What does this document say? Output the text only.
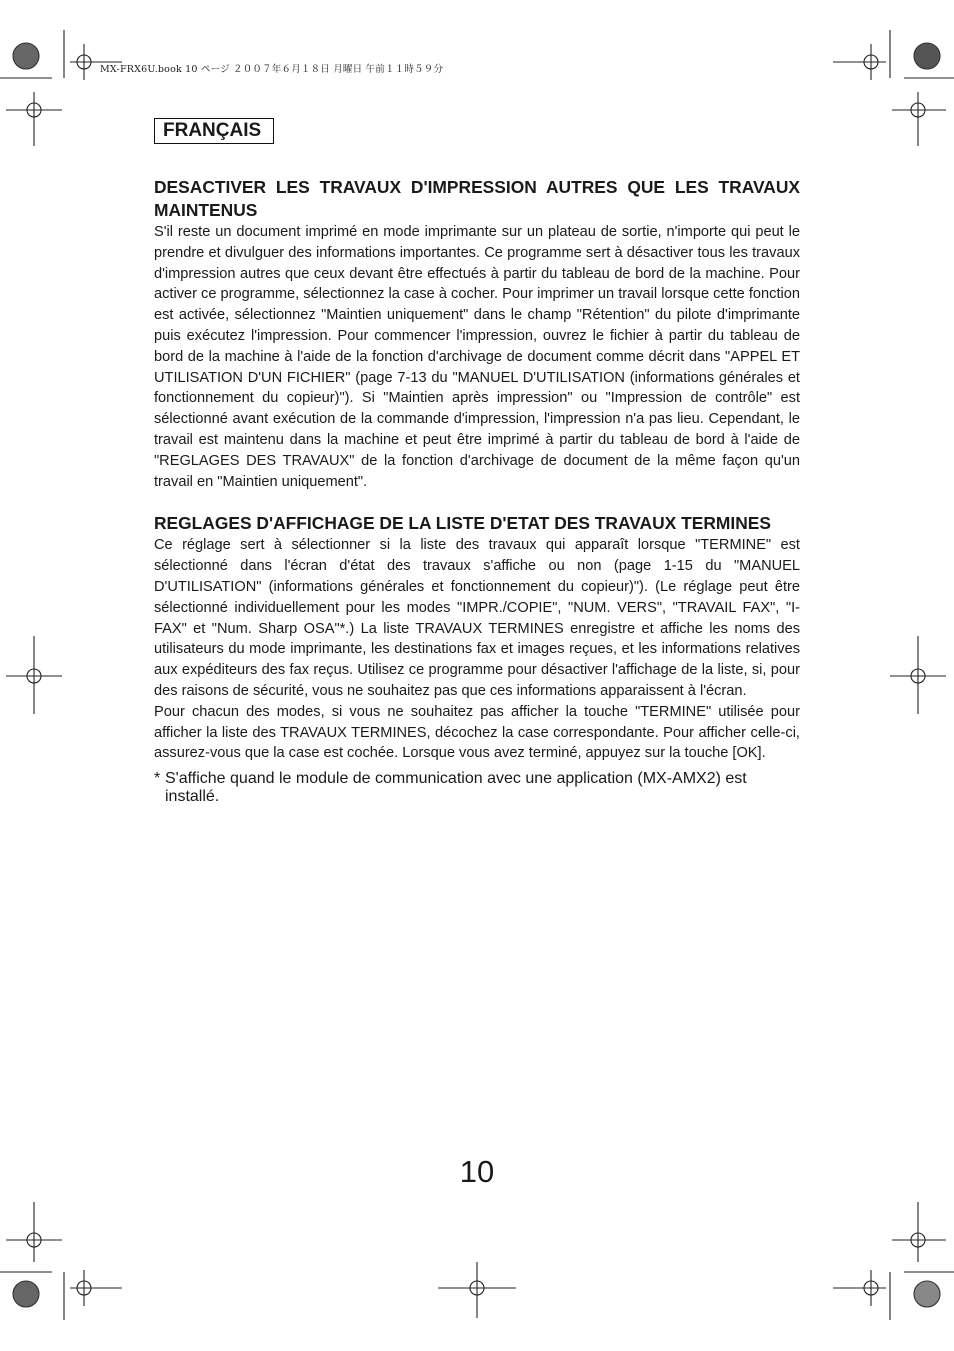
MX-FRX6U.book 10 ページ ２００７年６月１８日 月曜日 午前１１時５９分
FRANÇAIS
DESACTIVER LES TRAVAUX D'IMPRESSION AUTRES QUE LES TRAVAUX MAINTENUS

S'il reste un document imprimé en mode imprimante sur un plateau de sortie, n'importe qui peut le prendre et divulguer des informations importantes. Ce programme sert à désactiver tous les travaux d'impression autres que ceux devant être effectués à partir du tableau de bord de la machine. Pour activer ce programme, sélectionnez la case à cocher. Pour imprimer un travail lorsque cette fonction est activée, sélectionnez "Maintien uniquement" dans le champ "Rétention" du pilote d'imprimante puis exécutez l'impression. Pour commencer l'impression, ouvrez le fichier à partir du tableau de bord de la machine à l'aide de la fonction d'archivage de document comme décrit dans "APPEL ET UTILISATION D'UN FICHIER" (page 7-13 du "MANUEL D'UTILISATION (informations générales et fonctionnement du copieur)"). Si "Maintien après impression" ou "Impression de contrôle" est sélectionné avant exécution de la commande d'impression, l'impression n'a pas lieu. Cependant, le travail est maintenu dans la machine et peut être imprimé à partir du tableau de bord à l'aide de "REGLAGES DES TRAVAUX" de la fonction d'archivage de document de la même façon qu'un travail en "Maintien uniquement".

REGLAGES D'AFFICHAGE DE LA LISTE D'ETAT DES TRAVAUX TERMINES

Ce réglage sert à sélectionner si la liste des travaux qui apparaît lorsque "TERMINE" est sélectionné dans l'écran d'état des travaux s'affiche ou non (page 1-15 du "MANUEL D'UTILISATION" (informations générales et fonctionnement du copieur)"). (Le réglage peut être sélectionné individuellement pour les modes "IMPR./COPIE", "NUM. VERS", "TRAVAIL FAX", "I-FAX" et "Num. Sharp OSA"*.) La liste TRAVAUX TERMINES enregistre et affiche les noms des utilisateurs du mode imprimante, les destinations fax et images reçues, et les informations relatives aux expéditeurs des fax reçus. Utilisez ce programme pour désactiver l'affichage de la liste, si, pour des raisons de sécurité, vous ne souhaitez pas que ces informations apparaissent à l'écran.

Pour chacun des modes, si vous ne souhaitez pas afficher la touche "TERMINE" utilisée pour afficher la liste des TRAVAUX TERMINES, décochez la case correspondante. Pour afficher celle-ci, assurez-vous que la case est cochée. Lorsque vous avez terminé, appuyez sur la touche [OK].

* S'affiche quand le module de communication avec une application (MX-AMX2) est installé.
10
